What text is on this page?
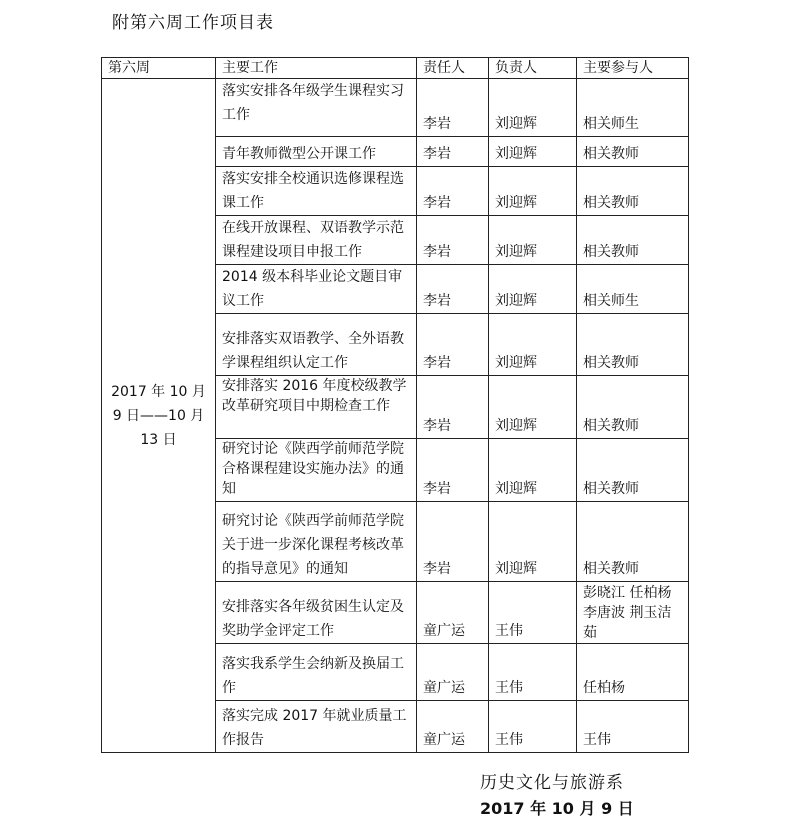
附第六周工作项目表
第六周	主要工作	责任人	负责人	主要参与人
2017 年 10 月 9 日——10 月 13 日	落实安排各年级学生课程实习工作	李岩	刘迎辉	相关师生
	青年教师微型公开课工作	李岩	刘迎辉	相关教师
	落实安排全校通识选修课程选课工作	李岩	刘迎辉	相关教师
	在线开放课程、双语教学示范课程建设项目申报工作	李岩	刘迎辉	相关教师
	2014 级本科毕业论文题目审议工作	李岩	刘迎辉	相关师生
	安排落实双语教学、全外语教学课程组织认定工作	李岩	刘迎辉	相关教师
	安排落实 2016 年度校级教学改革研究项目中期检查工作	李岩	刘迎辉	相关教师
	研究讨论《陕西学前师范学院合格课程建设实施办法》的通知	李岩	刘迎辉	相关教师
	研究讨论《陕西学前师范学院关于进一步深化课程考核改革的指导意见》的通知	李岩	刘迎辉	相关教师
	安排落实各年级贫困生认定及奖助学金评定工作	童广运	王伟	彭晓江 任柏杨 李唐波 荆玉洁茹
	落实我系学生会纳新及换届工作	童广运	王伟	任柏杨
	落实完成 2017 年就业质量工作报告	童广运	王伟	王伟
历史文化与旅游系
2017 年 10 月 9 日
